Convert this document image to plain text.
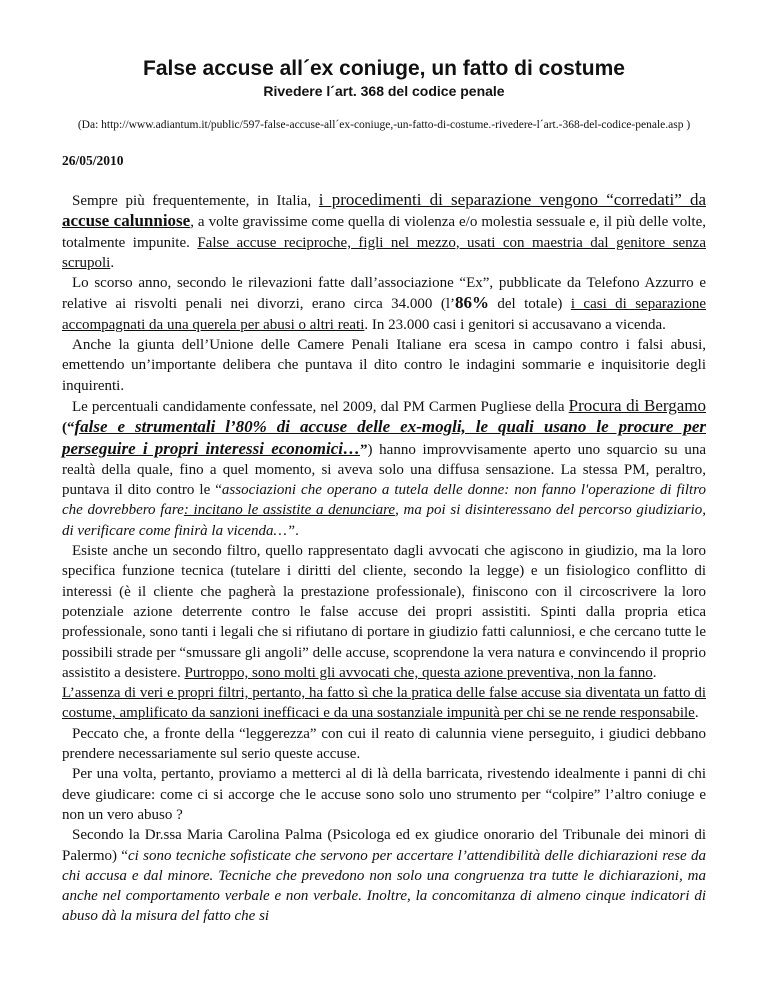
False accuse all´ex coniuge, un fatto di costume
Rivedere l´art. 368 del codice penale
(Da: http://www.adiantum.it/public/597-false-accuse-all´ex-coniuge,-un-fatto-di-costume.-rivedere-l´art.-368-del-codice-penale.asp )
26/05/2010

Sempre più frequentemente, in Italia, i procedimenti di separazione vengono “corredati” da accuse calunniose, a volte gravissime come quella di violenza e/o molestia sessuale e, il più delle volte, totalmente impunite. False accuse reciproche, figli nel mezzo, usati con maestria dal genitore senza scrupoli.

Lo scorso anno, secondo le rilevazioni fatte dall’associazione “Ex”, pubblicate da Telefono Azzurro e relative ai risvolti penali nei divorzi, erano circa 34.000 (l’86% del totale) i casi di separazione accompagnati da una querela per abusi o altri reati. In 23.000 casi i genitori si accusavano a vicenda.

Anche la giunta dell’Unione delle Camere Penali Italiane era scesa in campo contro i falsi abusi, emettendo un’importante delibera che puntava il dito contro le indagini sommarie e inquisitorie degli inquirenti.

Le percentuali candidamente confessate, nel 2009, dal PM Carmen Pugliese della Procura di Bergamo (“false e strumentali l’80% di accuse delle ex-mogli, le quali usano le procure per perseguire i propri interessi economici…”) hanno improvvisamente aperto uno squarcio su una realtà della quale, fino a quel momento, si aveva solo una diffusa sensazione. La stessa PM, peraltro, puntava il dito contro le “associazioni che operano a tutela delle donne: non fanno l'operazione di filtro che dovrebbero fare: incitano le assistite a denunciare, ma poi si disinteressano del percorso giudiziario, di verificare come finirà la vicenda…”.

Esiste anche un secondo filtro, quello rappresentato dagli avvocati che agiscono in giudizio, ma la loro specifica funzione tecnica (tutelare i diritti del cliente, secondo la legge) e un fisiologico conflitto di interessi (è il cliente che pagherà la prestazione professionale), finiscono con il circoscrivere la loro potenziale azione deterrente contro le false accuse dei propri assistiti. Spinti dalla propria etica professionale, sono tanti i legali che si rifiutano di portare in giudizio fatti calunniosi, e che cercano tutte le possibili strade per “smussare gli angoli” delle accuse, scoprendone la vera natura e convincendo il proprio assistito a desistere. Purtroppo, sono molti gli avvocati che, questa azione preventiva, non la fanno.

L’assenza di veri e propri filtri, pertanto, ha fatto sì che la pratica delle false accuse sia diventata un fatto di costume, amplificato da sanzioni inefficaci e da una sostanziale impunità per chi se ne rende responsabile.

Peccato che, a fronte della “leggerezza” con cui il reato di calunnia viene perseguito, i giudici debbano prendere necessariamente sul serio queste accuse.

Per una volta, pertanto, proviamo a metterci al di là della barricata, rivestendo idealmente i panni di chi deve giudicare: come ci si accorge che le accuse sono solo uno strumento per “colpire” l’altro coniuge e non un vero abuso ?

Secondo la Dr.ssa Maria Carolina Palma (Psicologa ed ex giudice onorario del Tribunale dei minori di Palermo) “ci sono tecniche sofisticate che servono per accertare l’attendibilità delle dichiarazioni rese da chi accusa e dal minore. Tecniche che prevedono non solo una congruenza tra tutte le dichiarazioni, ma anche nel comportamento verbale e non verbale. Inoltre, la concomitanza di almeno cinque indicatori di abuso dà la misura del fatto che si
